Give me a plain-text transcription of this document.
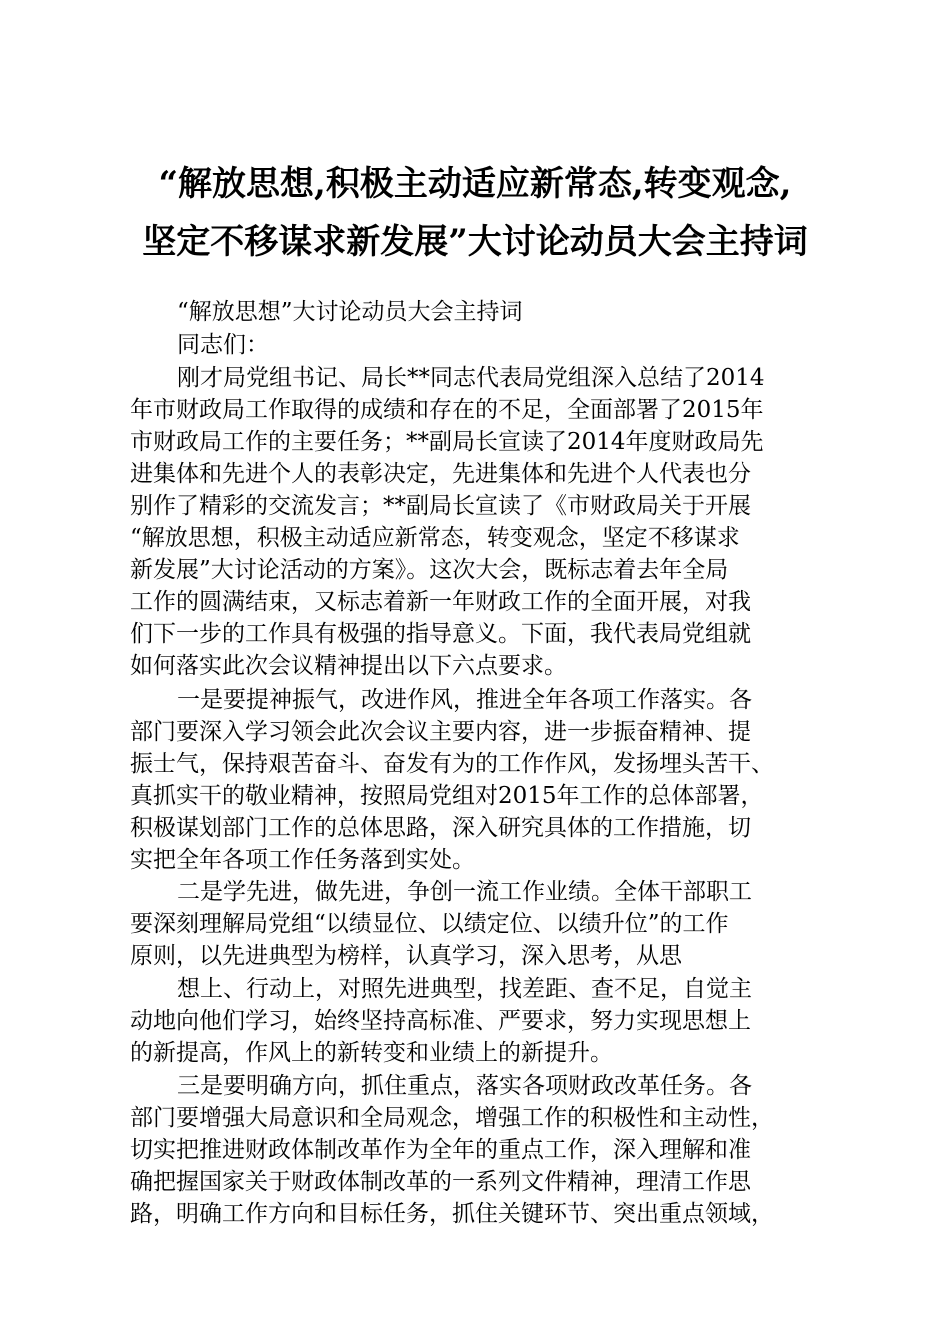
“解放思想,积极主动适应新常态,转变观念,
坚定不移谋求新发展”大讨论动员大会主持词
“解放思想”大讨论动员大会主持词
同志们：
刚才局党组书记、局长**同志代表局党组深入总结了2014
年市财政局工作取得的成绩和存在的不足，全面部署了2015年
市财政局工作的主要任务；**副局长宣读了2014年度财政局先
进集体和先进个人的表彰决定，先进集体和先进个人代表也分
别作了精彩的交流发言；**副局长宣读了《市财政局关于开展
“解放思想，积极主动适应新常态，转变观念，坚定不移谋求
新发展”大讨论活动的方案》。这次大会，既标志着去年全局
工作的圆满结束，又标志着新一年财政工作的全面开展，对我
们下一步的工作具有极强的指导意义。下面，我代表局党组就
如何落实此次会议精神提出以下六点要求。
一是要提神振气，改进作风，推进全年各项工作落实。各
部门要深入学习领会此次会议主要内容，进一步振奋精神、提
振士气，保持艰苦奋斗、奋发有为的工作作风，发扬埋头苦干、
真抓实干的敬业精神，按照局党组对2015年工作的总体部署，
积极谋划部门工作的总体思路，深入研究具体的工作措施，切
实把全年各项工作任务落到实处。
二是学先进，做先进，争创一流工作业绩。全体干部职工
要深刻理解局党组“以绩显位、以绩定位、以绩升位”的工作
原则，以先进典型为榜样，认真学习，深入思考，从思
想上、行动上，对照先进典型，找差距、查不足，自觉主
动地向他们学习，始终坚持高标准、严要求，努力实现思想上
的新提高，作风上的新转变和业绩上的新提升。
三是要明确方向，抓住重点，落实各项财政改革任务。各
部门要增强大局意识和全局观念，增强工作的积极性和主动性，
切实把推进财政体制改革作为全年的重点工作，深入理解和准
确把握国家关于财政体制改革的一系列文件精神，理清工作思
路，明确工作方向和目标任务，抓住关键环节、突出重点领域，
